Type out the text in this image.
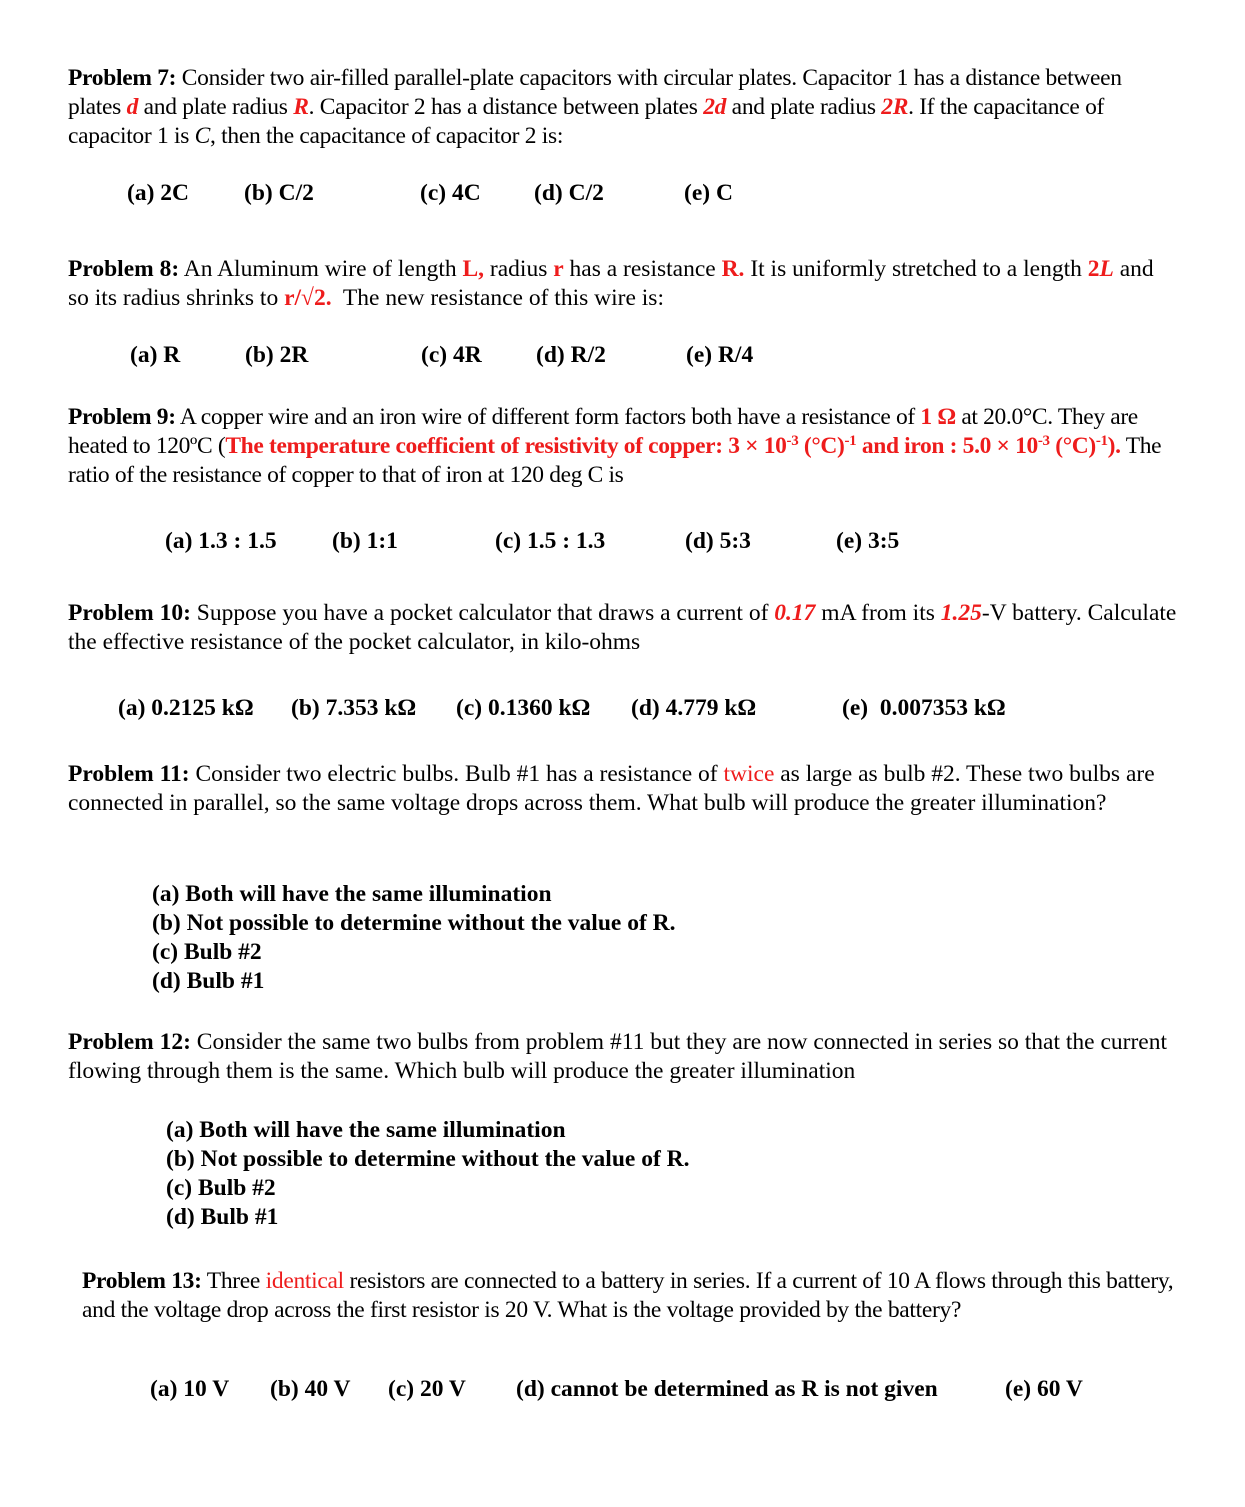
Problem 7: Consider two air-filled parallel-plate capacitors with circular plates. Capacitor 1 has a distance between plates d and plate radius R. Capacitor 2 has a distance between plates 2d and plate radius 2R. If the capacitance of capacitor 1 is C, then the capacitance of capacitor 2 is:

(a) 2C (b) C/2	(c) 4C (d) C/2	(e) C

Problem 8: An Aluminum wire of length L, radius r has a resistance R. It is uniformly stretched to a length 2L and so its radius shrinks to r/√2.  The new resistance of this wire is:

(a) R	(b) 2R	(c) 4R (d) R/2	(e) R/4

Problem 9: A copper wire and an iron wire of different form factors both have a resistance of 1 Ω at 20.0°C. They are heated to 120ºC (The temperature coefficient of resistivity of copper: $3 \times 10^{-3}$ $(^\circ C)^{-1}$ and iron : $5.0 \times 10^{-3}$ $(^\circ C)^{-1}$). The ratio of the resistance of copper to that of iron at 120 deg C is

(a) 1.3 : 1.5 (b) 1:1	(c) 1.5 : 1.3	(d) 5:3	(e) 3:5

Problem 10: Suppose you have a pocket calculator that draws a current of 0.17 mA from its 1.25-V battery. Calculate the effective resistance of the pocket calculator, in kilo-ohms

(a) 0.2125 kΩ (b) 7.353 kΩ (c) 0.1360 kΩ (d) 4.779 kΩ	(e)  0.007353 kΩ

Problem 11: Consider two electric bulbs. Bulb #1 has a resistance of twice as large as bulb #2. These two bulbs are connected in parallel, so the same voltage drops across them. What bulb will produce the greater illumination?

(a) Both will have the same illumination
(b) Not possible to determine without the value of R.
(c) Bulb #2
(d) Bulb #1

Problem 12: Consider the same two bulbs from problem #11 but they are now connected in series so that the current flowing through them is the same. Which bulb will produce the greater illumination

(a) Both will have the same illumination
(b) Not possible to determine without the value of R.
(c) Bulb #2
(d) Bulb #1

Problem 13: Three identical resistors are connected to a battery in series. If a current of 10 A flows through this battery, and the voltage drop across the first resistor is 20 V. What is the voltage provided by the battery?

(a) 10 V (b) 40 V (c) 20 V (d) cannot be determined as R is not given	(e) 60 V
